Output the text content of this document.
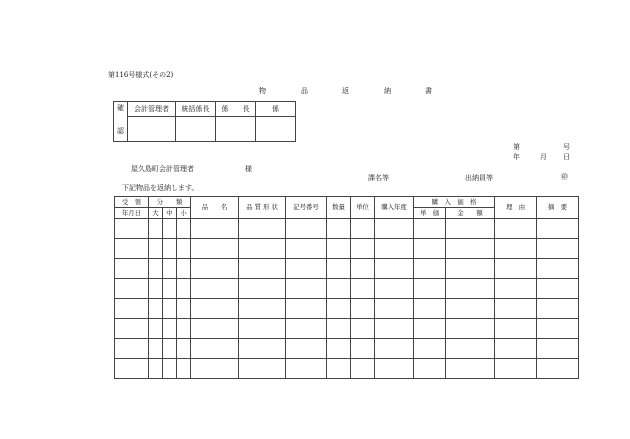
第116号様式(その2)
物	品	返	納	書
確
認	会計管理者	統括係長	係　　長	係

第	号
年	月 日
屋久島町会計管理者	様
課名等	出納員等	㊞
下記物品を返納します。
受　領	分　　類			品　　名	品 質 形 状	記号番号	数量	単位	購入年度	購　入　価　格		理　由	摘　要
年月日	大	中	小							単　価	金　　額		
